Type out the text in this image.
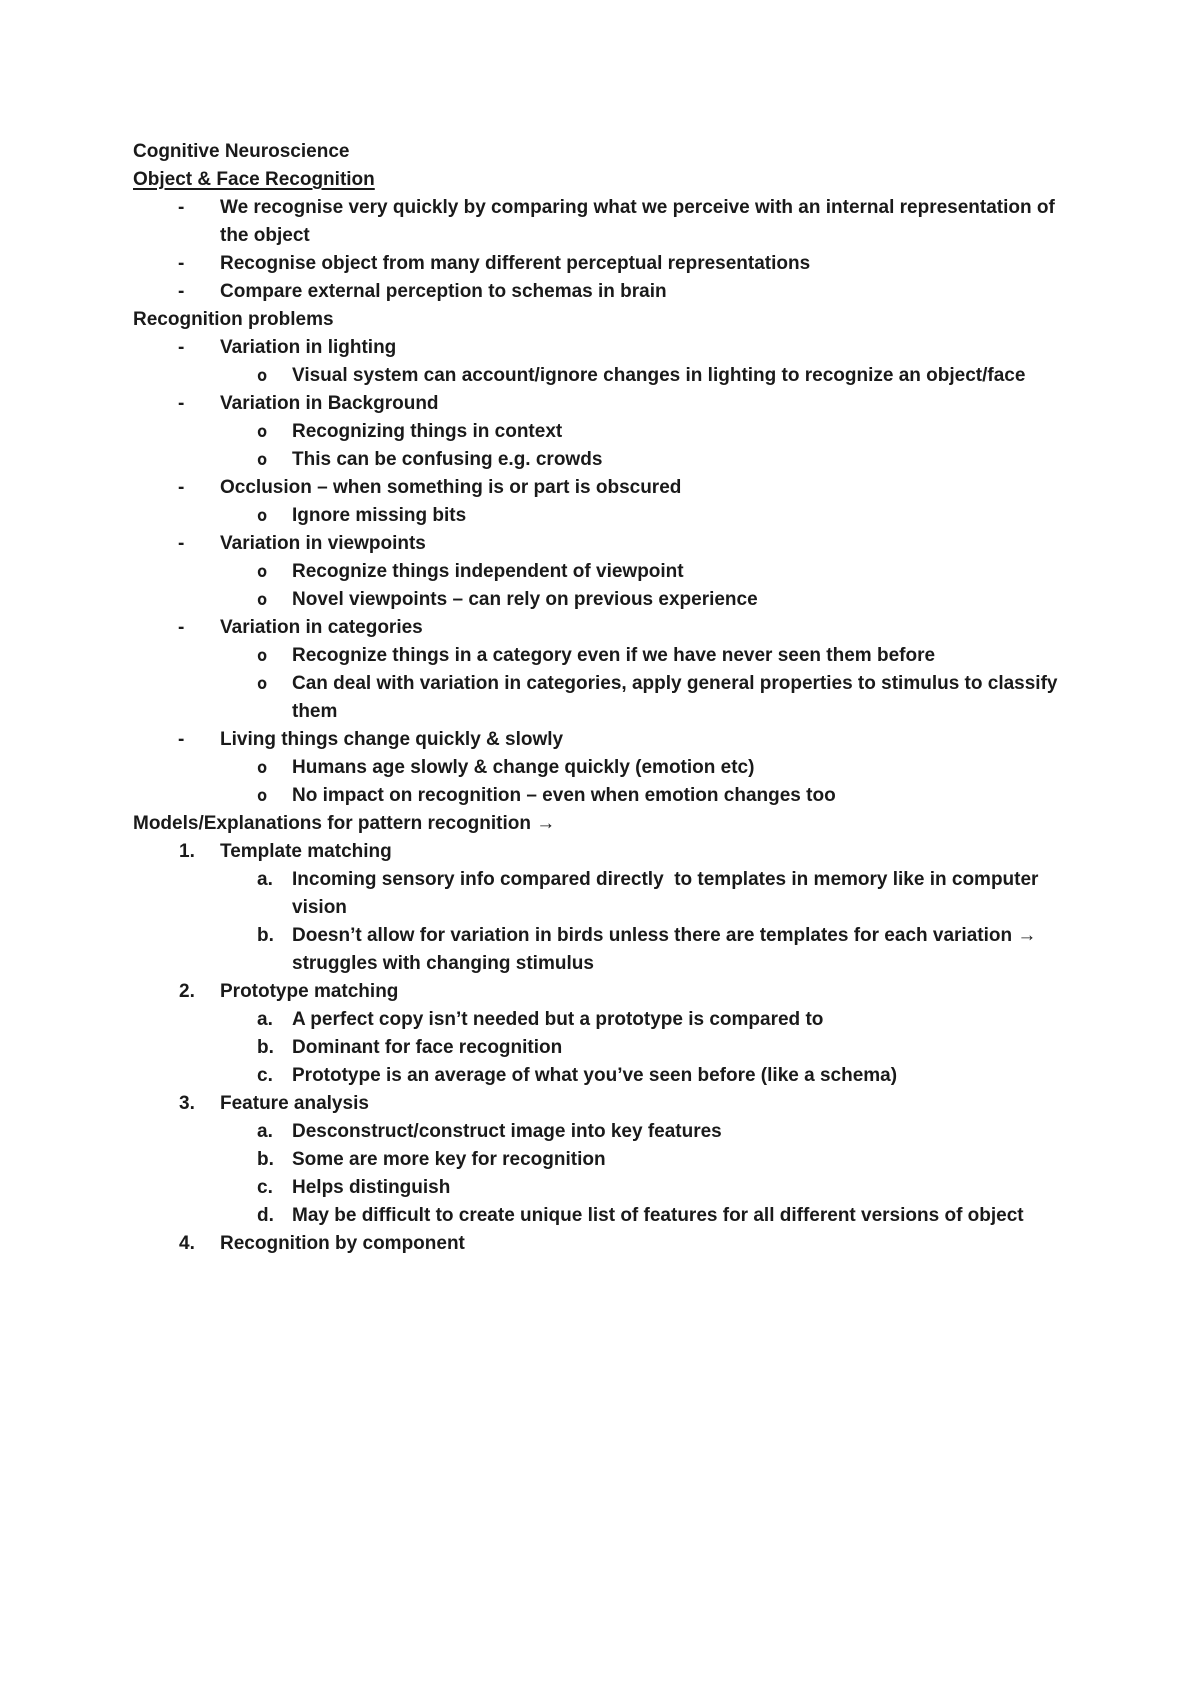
Cognitive Neuroscience

Object & Face Recognition

- We recognise very quickly by comparing what we perceive with an internal representation of the object
- Recognise object from many different perceptual representations
- Compare external perception to schemas in brain

Recognition problems

- Variation in lighting
o Visual system can account/ignore changes in lighting to recognize an object/face
- Variation in Background
o Recognizing things in context
o This can be confusing e.g. crowds
- Occlusion – when something is or part is obscured
o Ignore missing bits
- Variation in viewpoints
o Recognize things independent of viewpoint
o Novel viewpoints – can rely on previous experience
- Variation in categories
o Recognize things in a category even if we have never seen them before
o Can deal with variation in categories, apply general properties to stimulus to classify them
- Living things change quickly & slowly
o Humans age slowly & change quickly (emotion etc)
o No impact on recognition – even when emotion changes too

Models/Explanations for pattern recognition →

1. Template matching
a. Incoming sensory info compared directly  to templates in memory like in computer vision
b. Doesn’t allow for variation in birds unless there are templates for each variation → struggles with changing stimulus
2. Prototype matching
a. A perfect copy isn’t needed but a prototype is compared to
b. Dominant for face recognition
c. Prototype is an average of what you’ve seen before (like a schema)
3. Feature analysis
a. Desconstruct/construct image into key features
b. Some are more key for recognition
c. Helps distinguish
d. May be difficult to create unique list of features for all different versions of object
4. Recognition by component
